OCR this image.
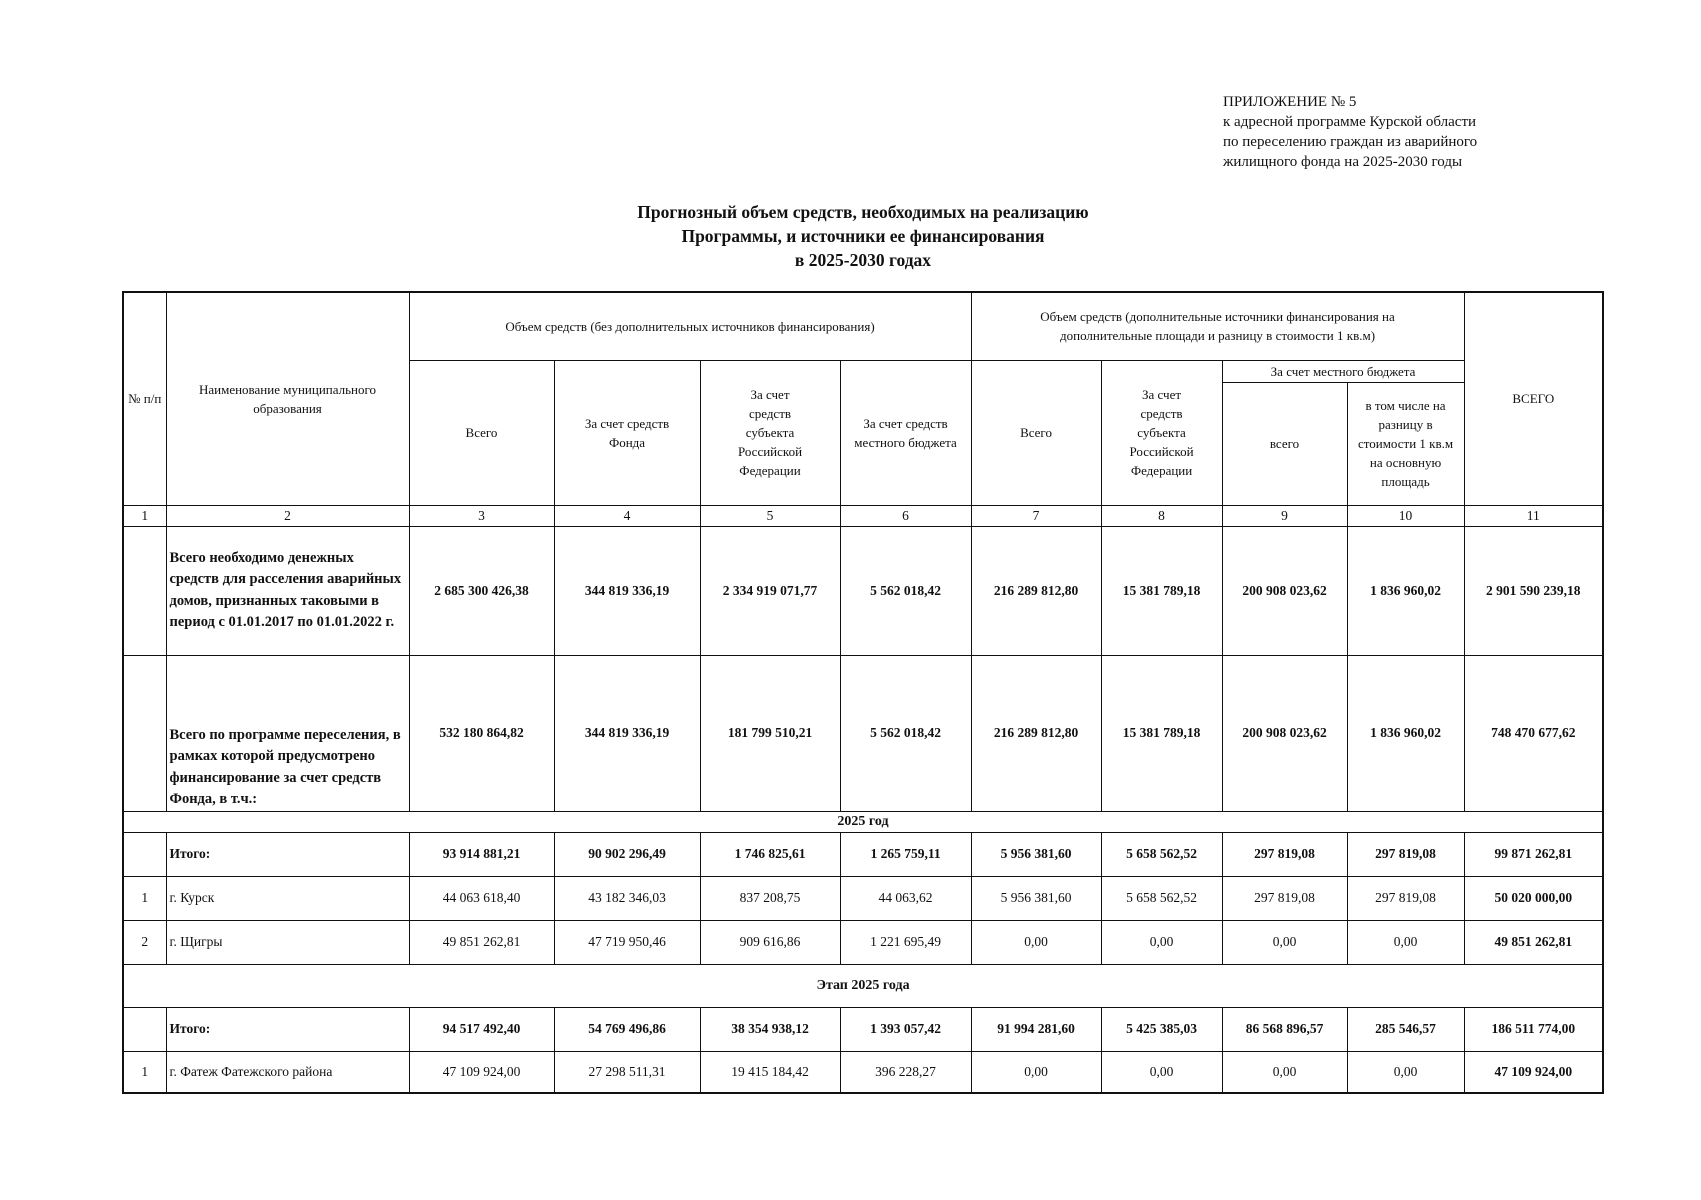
ПРИЛОЖЕНИЕ № 5
к адресной программе Курской области
по переселению граждан из аварийного
жилищного фонда на 2025-2030 годы
Прогнозный объем средств, необходимых на реализацию
Программы, и источники ее финансирования
в 2025-2030 годах
№ п/п	Наименование муниципального образования	Объем средств (без дополнительных источников финансирования)				Объем средств (дополнительные источники финансирования на дополнительные площади и разницу в стоимости 1 кв.м)				ВСЕГО
		Всего	За счет средств Фонда	За счет средств субъекта Российской Федерации	За счет средств местного бюджета	Всего	За счет средств субъекта Российской Федерации	За счет местного бюджета		
								всего	в том числе на разницу в стоимости 1 кв.м на основную площадь	
1	2	3	4	5	6	7	8	9	10	11
	Всего необходимо денежных средств для расселения аварийных домов, признанных таковыми в период с 01.01.2017 по 01.01.2022 г.	2 685 300 426,38	344 819 336,19	2 334 919 071,77	5 562 018,42	216 289 812,80	15 381 789,18	200 908 023,62	1 836 960,02	2 901 590 239,18
	Всего по программе переселения, в рамках которой предусмотрено финансирование за счет средств Фонда, в т.ч.:	532 180 864,82	344 819 336,19	181 799 510,21	5 562 018,42	216 289 812,80	15 381 789,18	200 908 023,62	1 836 960,02	748 470 677,62
2025 год										
	Итого:	93 914 881,21	90 902 296,49	1 746 825,61	1 265 759,11	5 956 381,60	5 658 562,52	297 819,08	297 819,08	99 871 262,81
1	г. Курск	44 063 618,40	43 182 346,03	837 208,75	44 063,62	5 956 381,60	5 658 562,52	297 819,08	297 819,08	50 020 000,00
2	г. Щигры	49 851 262,81	47 719 950,46	909 616,86	1 221 695,49	0,00	0,00	0,00	0,00	49 851 262,81
Этап 2025 года										
	Итого:	94 517 492,40	54 769 496,86	38 354 938,12	1 393 057,42	91 994 281,60	5 425 385,03	86 568 896,57	285 546,57	186 511 774,00
1	г. Фатеж Фатежского района	47 109 924,00	27 298 511,31	19 415 184,42	396 228,27	0,00	0,00	0,00	0,00	47 109 924,00
